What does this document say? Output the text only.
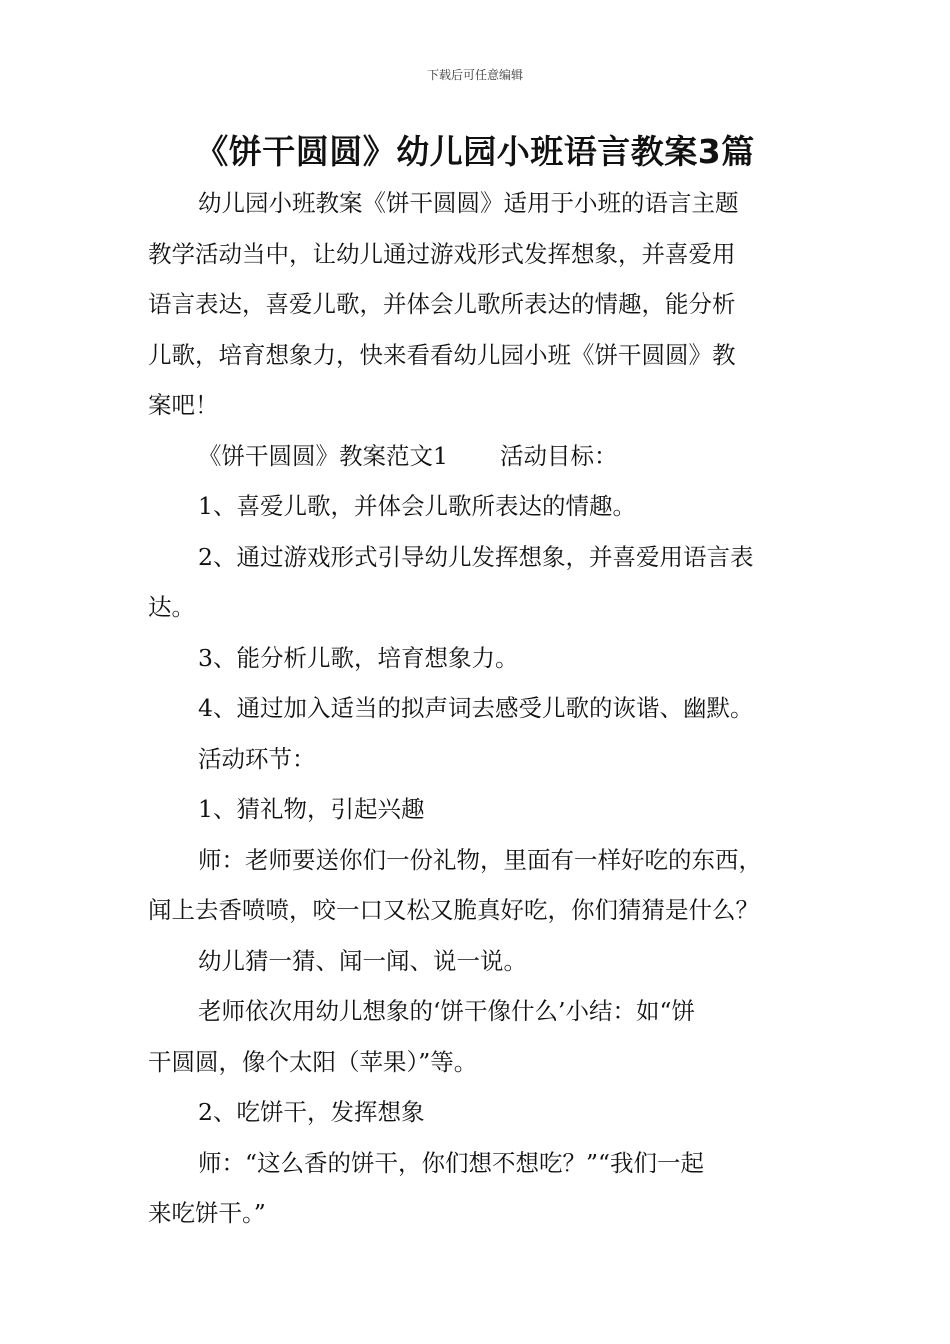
下载后可任意编辑
《饼干圆圆》幼儿园小班语言教案3篇
幼儿园小班教案《饼干圆圆》适用于小班的语言主题
教学活动当中，让幼儿通过游戏形式发挥想象，并喜爱用
语言表达，喜爱儿歌，并体会儿歌所表达的情趣，能分析
儿歌，培育想象力，快来看看幼儿园小班《饼干圆圆》教
案吧！
《饼干圆圆》教案范文1 活动目标：
1、喜爱儿歌，并体会儿歌所表达的情趣。
2、通过游戏形式引导幼儿发挥想象，并喜爱用语言表
达。
3、能分析儿歌，培育想象力。
4、通过加入适当的拟声词去感受儿歌的诙谐、幽默。
活动环节：
1、猜礼物，引起兴趣
师：老师要送你们一份礼物，里面有一样好吃的东西，
闻上去香喷喷，咬一口又松又脆真好吃，你们猜猜是什么？
幼儿猜一猜、闻一闻、说一说。
老师依次用幼儿想象的‘饼干像什么’小结：如“饼
干圆圆，像个太阳（苹果）”等。
2、吃饼干，发挥想象
师：“这么香的饼干，你们想不想吃？”“我们一起
来吃饼干。”
